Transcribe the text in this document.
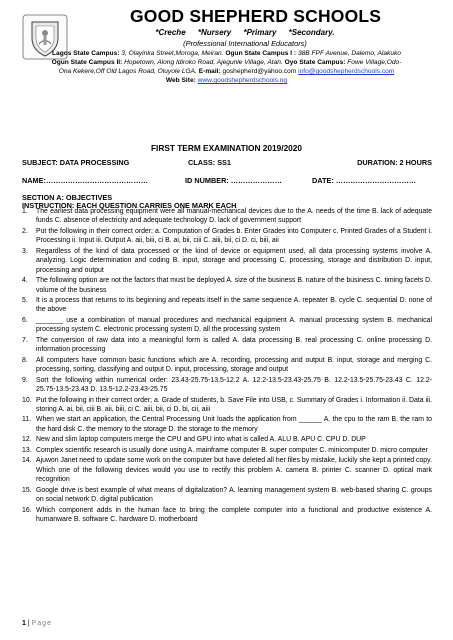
GOOD SHEPHERD SCHOOLS
*Creche *Nursery *Primary *Secondary.
(Professional International Educators)
Lagos State Campus: 3, Olayinka Street,Moroga, Meiran. Ogun State Campus I : 38B FPF Avenue, Dalemo, Alakuko
Ogun State Campus II: Hopetown, Along Idiroko Road, Ajegunle Village, Atan. Oyo State Campus: Fowe Village,Odo-
Ona Kekere,Off Old Lagos Road, Oluyole LGA. E-mail: goshepherd@yahoo.com info@goodshepherdschools.com
Web Site: www.goodshepherdschools.ng
FIRST TERM EXAMINATION 2019/2020
SUBJECT: DATA PROCESSING	CLASS: SS1	DURATION: 2 HOURS
NAME:……………………………………	ID NUMBER: …………………	DATE: ……………………………
SECTION A: OBJECTIVES
INSTRUCTION: EACH QUESTION CARRIES ONE MARK EACH
1. The earliest data processing equipment were all manual-mechanical devices due to the A. needs of the time B. lack of adequate funds C. absence of electricity and adequate technology D. lack of government support
2. Put the following in their correct order; a. Computation of Grades b. Enter Grades into Computer c. Printed Grades of a Student i. Processing ii. Input iii. Output A. aii, biii, ci B. ai, bii, ciii C. aiii, bii, ci D. ci, biii, aii
3. Regardless of the kind of data processed or the kind of device or equipment used, all data processing systems involve A. analyzing. Logic determination and coding B. input, storage and processing C. processing, storage and distribution D. input, processing and output
4. The following option are not the factors that must be deployed A. size of the business B. nature of the business C. timing facets D. volume of the business
5. It is a process that returns to its beginning and repeats itself in the same sequence A. repeater B. cycle C. sequential D. none of the above
6. _______ use a combination of manual procedures and mechanical equipment A. manual processing system B. mechanical processing system C. electronic processing system D. all the processing system
7. The conversion of raw data into a meaningful form is called A. data processing B. real processing C. online processing D. information processing
8. All computers have common basic functions which are A. recording, processing and output B. input, storage and merging C. processing, sorting, classifying and output D. input, processing, storage and output
9. Sort the following within numerical order: 23.43-25.75-13.5-12.2 A. 12.2-13.5-23.43-25.75 B. 12.2-13.5-25.75-23.43 C. 12.2-25.75-13.5-23.43 D. 13.5-12.2-23.43-25.75
10. Put the following in their correct order; a. Grade of students, b. Save File into USB, c. Summary of Grades i. Information ii. Data iii. storing A. ai, bii, ciii B. aii, biii, ci C. aiii, bii, ci D. bi, cii, aiii
11. When we start an application, the Central Processing Unit loads the application from ______ A. the cpu to the ram B. the ram to the hard disk C. the memory to the storage D. the storage to the memory
12. New and slim laptop computers merge the CPU and GPU into what is called A. ALU B. APU C. CPU D. DUP
13. Complex scientific research is usually done using A. mainframe computer B. super computer C. minicomputer D. micro computer
14. Ajuwon Janet need to update some work on the computer but have deleted all her files by mistake, luckily she kept a printed copy. Which one of the following devices would you use to rectify this problem A. camera B. printer C. scanner D. optical mark recognition
15. Google drive is best example of what means of digitalization? A. learning management system B. web-based sharing C. groups on social network D. digital publication
16. Which component adds in the human face to bring the complete computer into a functional and productive existence A. humanware B. software C. hardware D. motherboard
1 | Page
